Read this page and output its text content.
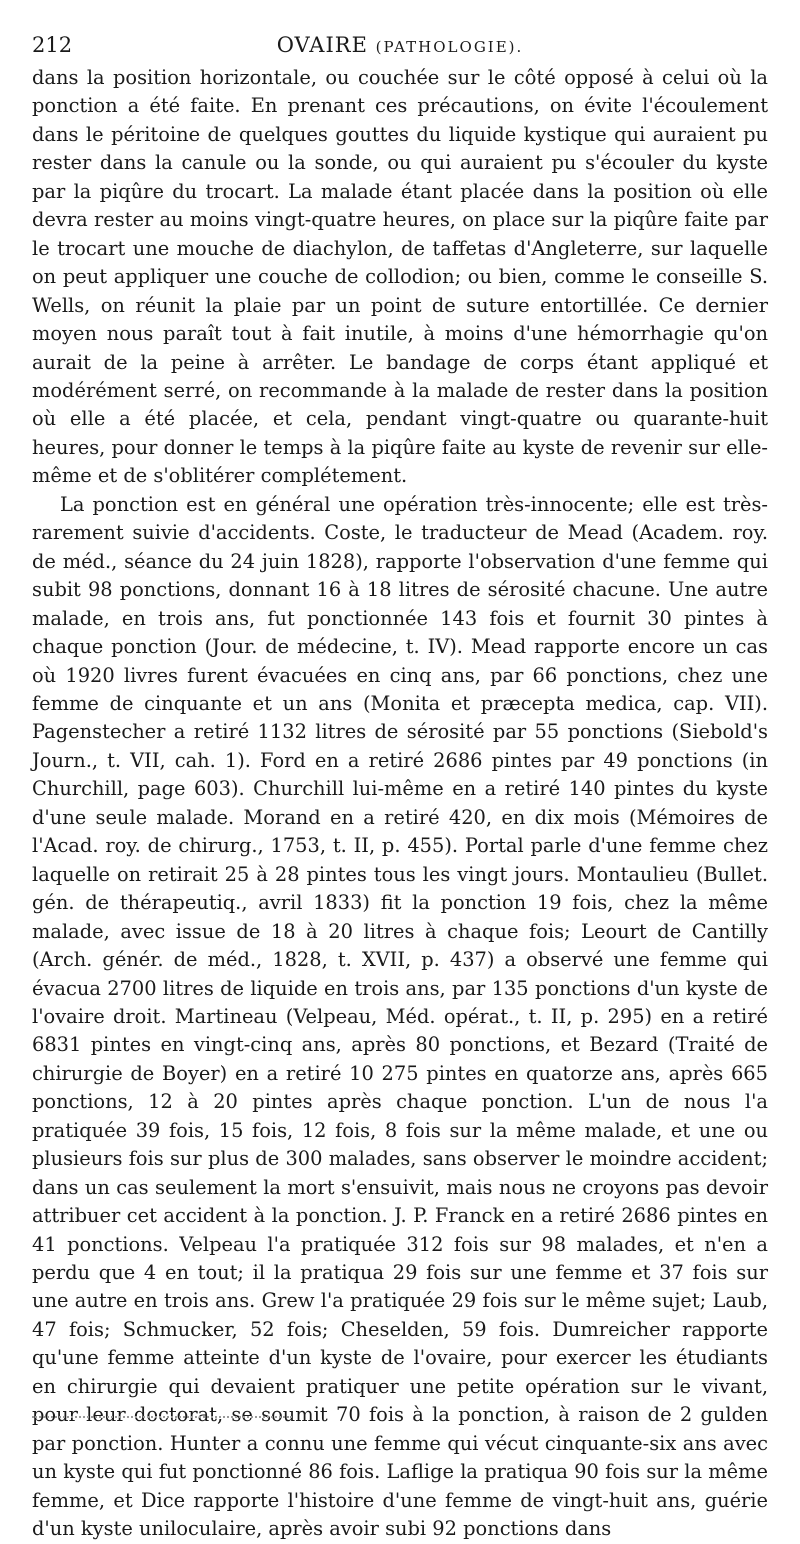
212	OVAIRE (PATHOLOGIE).

dans la position horizontale, ou couchée sur le côté opposé à celui où la ponction a été faite. En prenant ces précautions, on évite l'écoulement dans le péritoine de quelques gouttes du liquide kystique qui auraient pu rester dans la canule ou la sonde, ou qui auraient pu s'écouler du kyste par la piqûre du trocart. La malade étant placée dans la position où elle devra rester au moins vingt-quatre heures, on place sur la piqûre faite par le trocart une mouche de diachylon, de taffetas d'Angleterre, sur laquelle on peut appliquer une couche de collodion; ou bien, comme le conseille S. Wells, on réunit la plaie par un point de suture entortillée. Ce dernier moyen nous paraît tout à fait inutile, à moins d'une hémorrhagie qu'on aurait de la peine à arrêter. Le bandage de corps étant appliqué et modérément serré, on recommande à la malade de rester dans la position où elle a été placée, et cela, pendant vingt-quatre ou quarante-huit heures, pour donner le temps à la piqûre faite au kyste de revenir sur elle-même et de s'oblitérer complétement.

La ponction est en général une opération très-innocente; elle est très-rarement suivie d'accidents. Coste, le traducteur de Mead (Academ. roy. de méd., séance du 24 juin 1828), rapporte l'observation d'une femme qui subit 98 ponctions, donnant 16 à 18 litres de sérosité chacune. Une autre malade, en trois ans, fut ponctionnée 143 fois et fournit 30 pintes à chaque ponction (Jour. de médecine, t. IV). Mead rapporte encore un cas où 1920 livres furent évacuées en cinq ans, par 66 ponctions, chez une femme de cinquante et un ans (Monita et præcepta medica, cap. VII). Pagenstecher a retiré 1132 litres de sérosité par 55 ponctions (Siebold's Journ., t. VII, cah. 1). Ford en a retiré 2686 pintes par 49 ponctions (in Churchill, page 603). Churchill lui-même en a retiré 140 pintes du kyste d'une seule malade. Morand en a retiré 420, en dix mois (Mémoires de l'Acad. roy. de chirurg., 1753, t. II, p. 455). Portal parle d'une femme chez laquelle on retirait 25 à 28 pintes tous les vingt jours. Montaulieu (Bullet. gén. de thérapeutiq., avril 1833) fit la ponction 19 fois, chez la même malade, avec issue de 18 à 20 litres à chaque fois; Leourt de Cantilly (Arch. génér. de méd., 1828, t. XVII, p. 437) a observé une femme qui évacua 2700 litres de liquide en trois ans, par 135 ponctions d'un kyste de l'ovaire droit. Martineau (Velpeau, Méd. opérat., t. II, p. 295) en a retiré 6831 pintes en vingt-cinq ans, après 80 ponctions, et Bezard (Traité de chirurgie de Boyer) en a retiré 10 275 pintes en quatorze ans, après 665 ponctions, 12 à 20 pintes après chaque ponction. L'un de nous l'a pratiquée 39 fois, 15 fois, 12 fois, 8 fois sur la même malade, et une ou plusieurs fois sur plus de 300 malades, sans observer le moindre accident; dans un cas seulement la mort s'ensuivit, mais nous ne croyons pas devoir attribuer cet accident à la ponction. J. P. Franck en a retiré 2686 pintes en 41 ponctions. Velpeau l'a pratiquée 312 fois sur 98 malades, et n'en a perdu que 4 en tout; il la pratiqua 29 fois sur une femme et 37 fois sur une autre en trois ans. Grew l'a pratiquée 29 fois sur le même sujet; Laub, 47 fois; Schmucker, 52 fois; Cheselden, 59 fois. Dumreicher rapporte qu'une femme atteinte d'un kyste de l'ovaire, pour exercer les étudiants en chirurgie qui devaient pratiquer une petite opération sur le vivant, pour leur doctorat, se soumit 70 fois à la ponction, à raison de 2 gulden par ponction. Hunter a connu une femme qui vécut cinquante-six ans avec un kyste qui fut ponctionné 86 fois. Laflige la pratiqua 90 fois sur la même femme, et Dice rapporte l'histoire d'une femme de vingt-huit ans, guérie d'un kyste uniloculaire, après avoir subi 92 ponctions dans
